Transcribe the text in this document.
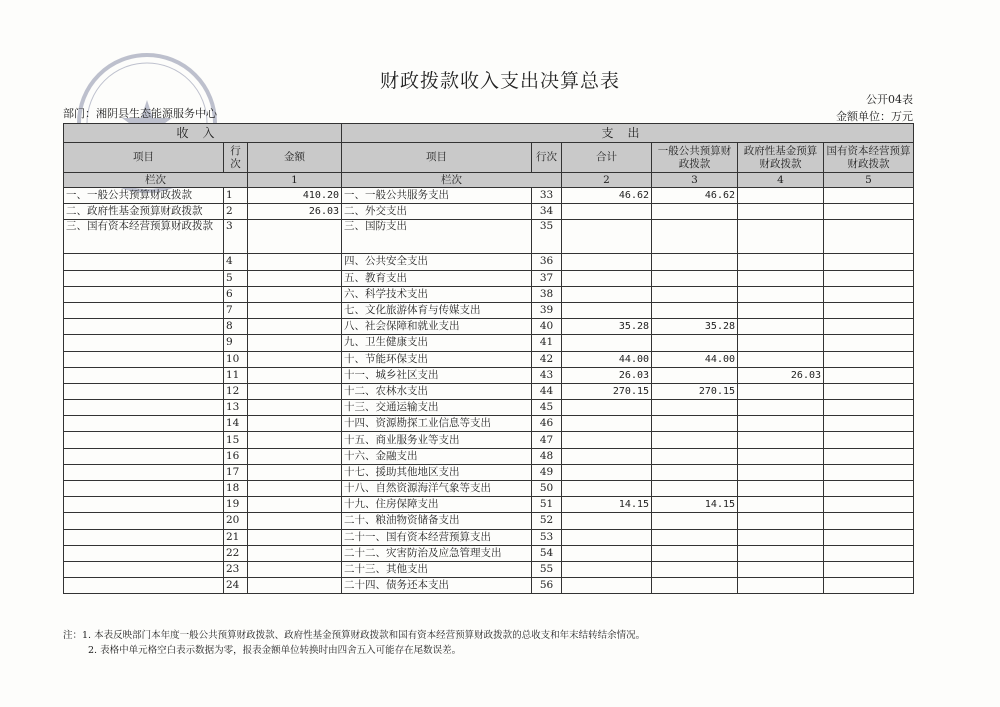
财政拨款收入支出决算总表
公开04表
部门：湘阴县生态能源服务中心	金额单位：万元
收入			支出					
项目	行次	金额	项目	行次	合计	一般公共预算财政拨款	政府性基金预算财政拨款	国有资本经营预算财政拨款
栏次		1	栏次		2	3	4	5
一、一般公共预算财政拨款	1	410.20	一、一般公共服务支出	33	46.62	46.62		
二、政府性基金预算财政拨款	2	26.03	二、外交支出	34				
三、国有资本经营预算财政拨款	3		三、国防支出	35				
	4		四、公共安全支出	36				
	5		五、教育支出	37				
	6		六、科学技术支出	38				
	7		七、文化旅游体育与传媒支出	39				
	8		八、社会保障和就业支出	40	35.28	35.28		
	9		九、卫生健康支出	41				
	10		十、节能环保支出	42	44.00	44.00		
	11		十一、城乡社区支出	43	26.03		26.03	
	12		十二、农林水支出	44	270.15	270.15		
	13		十三、交通运输支出	45				
	14		十四、资源勘探工业信息等支出	46				
	15		十五、商业服务业等支出	47				
	16		十六、金融支出	48				
	17		十七、援助其他地区支出	49				
	18		十八、自然资源海洋气象等支出	50				
	19		十九、住房保障支出	51	14.15	14.15		
	20		二十、粮油物资储备支出	52				
	21		二十一、国有资本经营预算支出	53				
	22		二十二、灾害防治及应急管理支出	54				
	23		二十三、其他支出	55				
	24		二十四、债务还本支出	56				
注：1. 本表反映部门本年度一般公共预算财政拨款、政府性基金预算财政拨款和国有资本经营预算财政拨款的总收支和年末结转结余情况。
2. 表格中单元格空白表示数据为零，报表金额单位转换时由四舍五入可能存在尾数误差。
